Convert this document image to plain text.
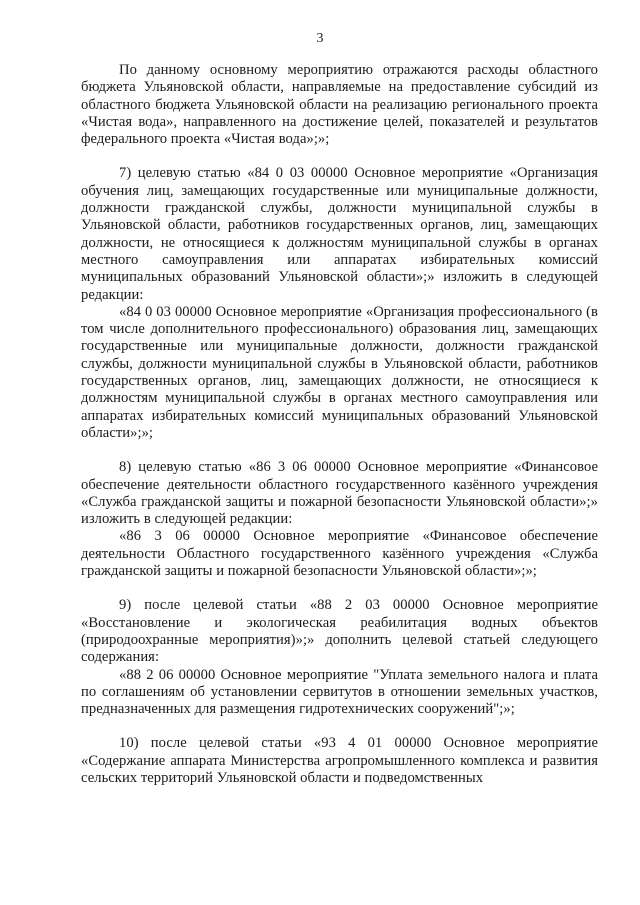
3

По данному основному мероприятию отражаются расходы областного бюджета Ульяновской области, направляемые на предоставление субсидий из областного бюджета Ульяновской области на реализацию регионального проекта «Чистая вода», направленного на достижение целей, показателей и результатов федерального проекта «Чистая вода»;»;

7) целевую статью «84 0 03 00000 Основное мероприятие «Организация обучения лиц, замещающих государственные или муниципальные должности, должности гражданской службы, должности муниципальной службы в Ульяновской области, работников государственных органов, лиц, замещающих должности, не относящиеся к должностям муниципальной службы в органах местного самоуправления или аппаратах избирательных комиссий муниципальных образований Ульяновской области»;» изложить в следующей редакции:

«84 0 03 00000 Основное мероприятие «Организация профессионального (в том числе дополнительного профессионального) образования лиц, замещающих государственные или муниципальные должности, должности гражданской службы, должности муниципальной службы в Ульяновской области, работников государственных органов, лиц, замещающих должности, не относящиеся к должностям муниципальной службы в органах местного самоуправления или аппаратах избирательных комиссий муниципальных образований Ульяновской области»;»;

8) целевую статью «86 3 06 00000 Основное мероприятие «Финансовое обеспечение деятельности областного государственного казённого учреждения «Служба гражданской защиты и пожарной безопасности Ульяновской области»;» изложить в следующей редакции:

«86 3 06 00000 Основное мероприятие «Финансовое обеспечение деятельности Областного государственного казённого учреждения «Служба гражданской защиты и пожарной безопасности Ульяновской области»;»;

9) после целевой статьи «88 2 03 00000 Основное мероприятие «Восстановление и экологическая реабилитация водных объектов (природоохранные мероприятия)»;» дополнить целевой статьей следующего содержания:

«88 2 06 00000 Основное мероприятие "Уплата земельного налога и плата по соглашениям об установлении сервитутов в отношении земельных участков, предназначенных для размещения гидротехнических сооружений";»;

10) после целевой статьи «93 4 01 00000 Основное мероприятие «Содержание аппарата Министерства агропромышленного комплекса и развития сельских территорий Ульяновской области и подведомственных
